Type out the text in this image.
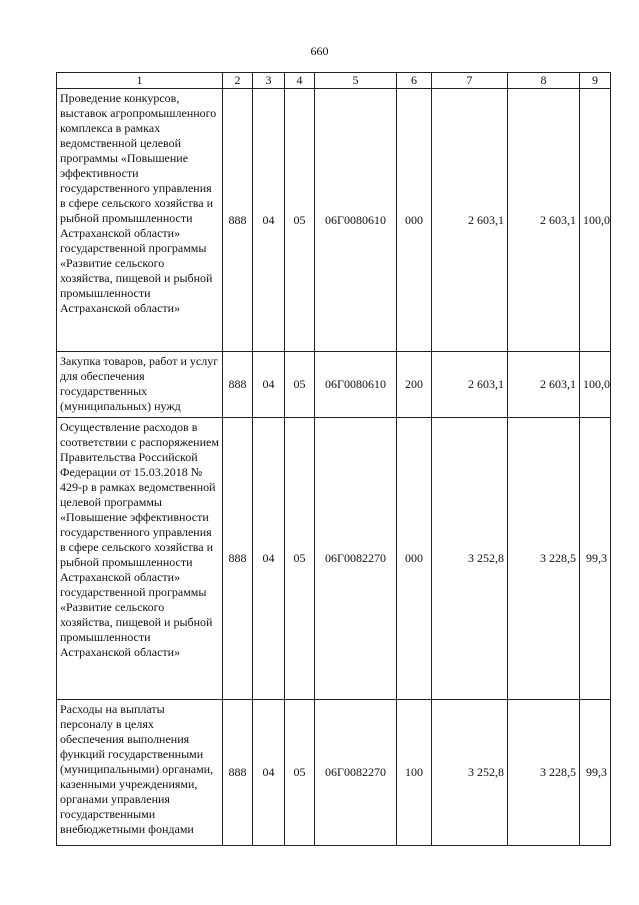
660
1	2	3	4	5	6	7	8	9
Проведение конкурсов, выставок агропромышленного комплекса в рамках ведомственной целевой программы «Повышение эффективности государственного управления в сфере сельского хозяйства и рыбной промышленности Астраханской области» государственной программы «Развитие сельского хозяйства, пищевой и рыбной промышленности Астраханской области»	888	04	05	06Г0080610	000	2 603,1	2 603,1	100,0
Закупка товаров, работ и услуг для обеспечения государственных (муниципальных) нужд	888	04	05	06Г0080610	200	2 603,1	2 603,1	100,0
Осуществление расходов в соответствии с распоряжением Правительства Российской Федерации от 15.03.2018 № 429-р в рамках ведомственной целевой программы «Повышение эффективности государственного управления в сфере сельского хозяйства и рыбной промышленности Астраханской области» государственной программы «Развитие сельского хозяйства, пищевой и рыбной промышленности Астраханской области»	888	04	05	06Г0082270	000	3 252,8	3 228,5	99,3
Расходы на выплаты персоналу в целях обеспечения выполнения функций государственными (муниципальными) органами, казенными учреждениями, органами управления государственными внебюджетными фондами	888	04	05	06Г0082270	100	3 252,8	3 228,5	99,3
